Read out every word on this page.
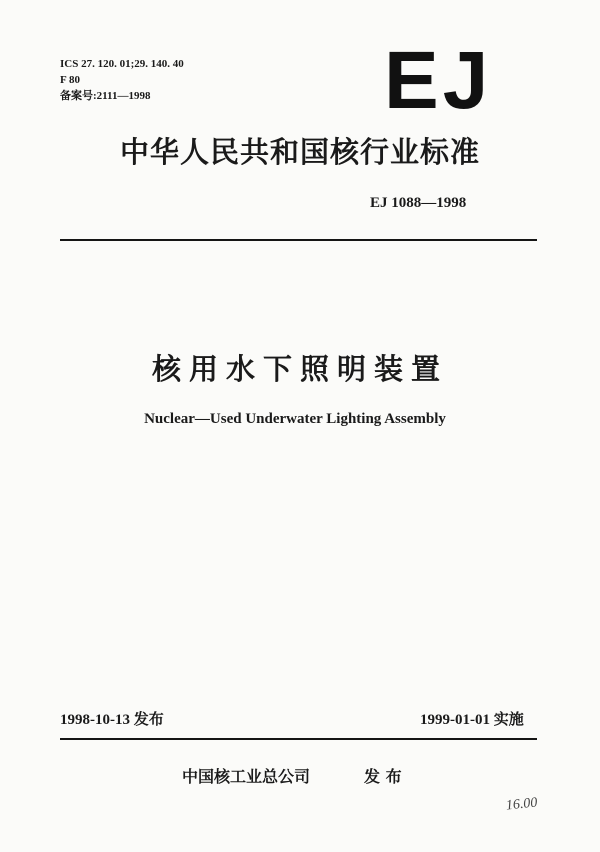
ICS 27. 120. 01;29. 140. 40
F 80
备案号:2111—1998	EJ
中华人民共和国核行业标准
EJ 1088—1998
核用水下照明装置
Nuclear—Used Underwater Lighting Assembly
1998-10-13 发布	1999-01-01 实施
中国核工业总公司	发 布
16.00
